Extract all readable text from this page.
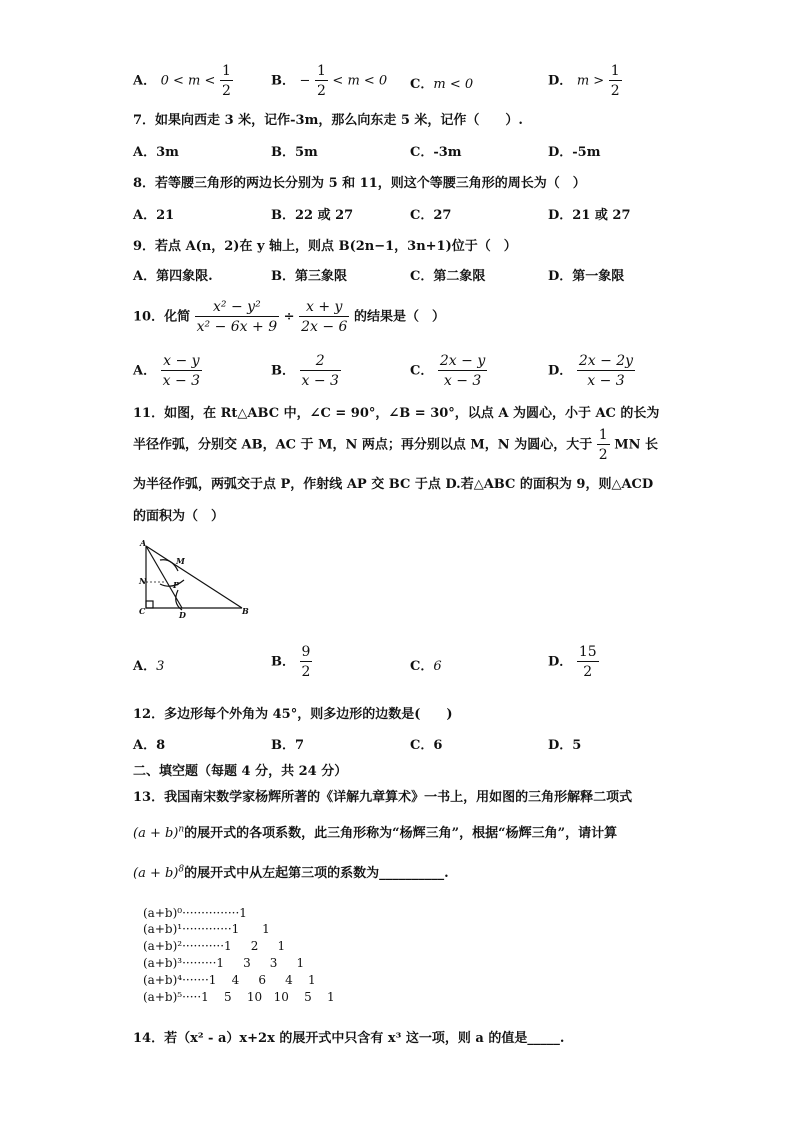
A． $0 < m < \frac{1}{2}$	B． − $\frac{1}{2} < m < 0$ C．m < 0	D． $m > \frac{1}{2}$
7．如果向西走 3 米，记作-3m，那么向东走 5 米，记作（　　）.
A．3m	B．5m	C．-3m	D．-5m
8．若等腰三角形的两边长分别为 5 和 11，则这个等腰三角形的周长为（　）
A．21	B．22 或 27	C．27	D．21 或 27
9．若点 A(n，2)在 y 轴上，则点 B(2n−1，3n+1)位于（　）
A．第四象限.	B．第三象限	C．第二象限	D．第一象限
10．化简 $\frac{\text{x² − y²}}{\text{x² − 6x + 9}} \div \frac{x + y}{2x - 6}$ 的结果是（　）
A． $\frac{x - y}{x - 3}$	B． $\frac{2}{x - 3}$	C． $\frac{2x - y}{x - 3}$	D． $\frac{2x - 2y}{x - 3}$
11．如图，在 Rt△ABC 中，∠C = 90°，∠B = 30°，以点 A 为圆心，小于 AC 的长为
半径作弧，分别交 AB，AC 于 M，N 两点；再分别以点 M，N 为圆心，大于 $\frac{1}{2}$ MN 长
为半径作弧，两弧交于点 P，作射线 AP 交 BC 于点 D.若△ABC 的面积为 9，则△ACD
的面积为（　）
A
M
N	P
C	D	B
A．3	B． $\frac{9}{2}$	C．6	D． $\frac{15}{2}$
12．多边形每个外角为 45°，则多边形的边数是(　　)
A．8	B．7	C．6	D．5
二、填空题（每题 4 分，共 24 分）
13．我国南宋数学家杨辉所著的《详解九章算术》一书上，用如图的三角形解释二项式
$(a + b)^n$的展开式的各项系数，此三角形称为“杨辉三角”，根据“杨辉三角”，请计算
$(a + b)^8$的展开式中从左起第三项的系数为__________.
(a+b)⁰···············1
(a+b)¹·············1      1
(a+b)²···········1     2     1
(a+b)³·········1     3     3     1
(a+b)⁴·······1    4     6     4    1
(a+b)⁵·····1    5    10   10    5    1
14．若（x² - a）x+2x 的展开式中只含有 x³ 这一项，则 a 的值是_____.
